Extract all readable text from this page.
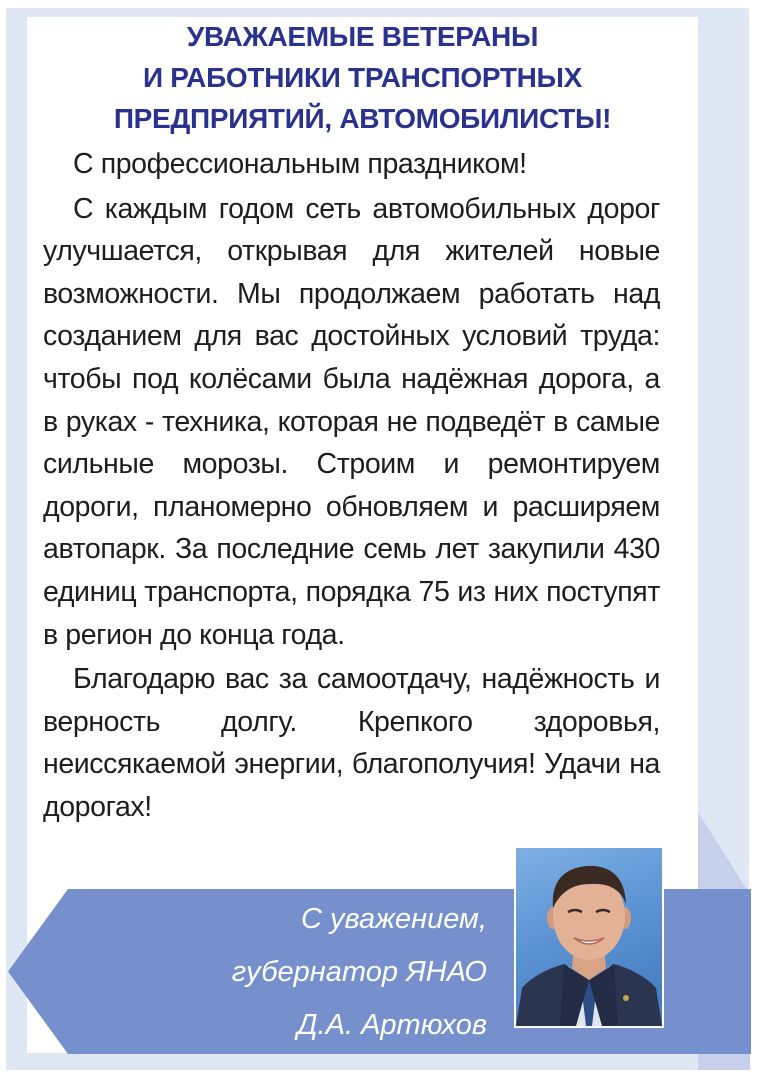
УВАЖАЕМЫЕ ВЕТЕРАНЫ
И РАБОТНИКИ ТРАНСПОРТНЫХ
ПРЕДПРИЯТИЙ, АВТОМОБИЛИСТЫ!

С профессиональным праздником!

С каждым годом сеть автомобильных дорог улучшается, открывая для жителей новые возможности. Мы продолжаем работать над созданием для вас достойных условий труда: чтобы под колёсами была надёжная дорога, а в руках - техника, которая не подведёт в самые сильные морозы. Строим и ремонтируем дороги, планомерно обновляем и расширяем автопарк. За последние семь лет закупили 430 единиц транспорта, порядка 75 из них поступят в регион до конца года.

Благодарю вас за самоотдачу, надёжность и верность долгу. Крепкого здоровья, неиссякаемой энергии, благополучия! Удачи на дорогах!

С уважением,
губернатор ЯНАО
Д.А. Артюхов
